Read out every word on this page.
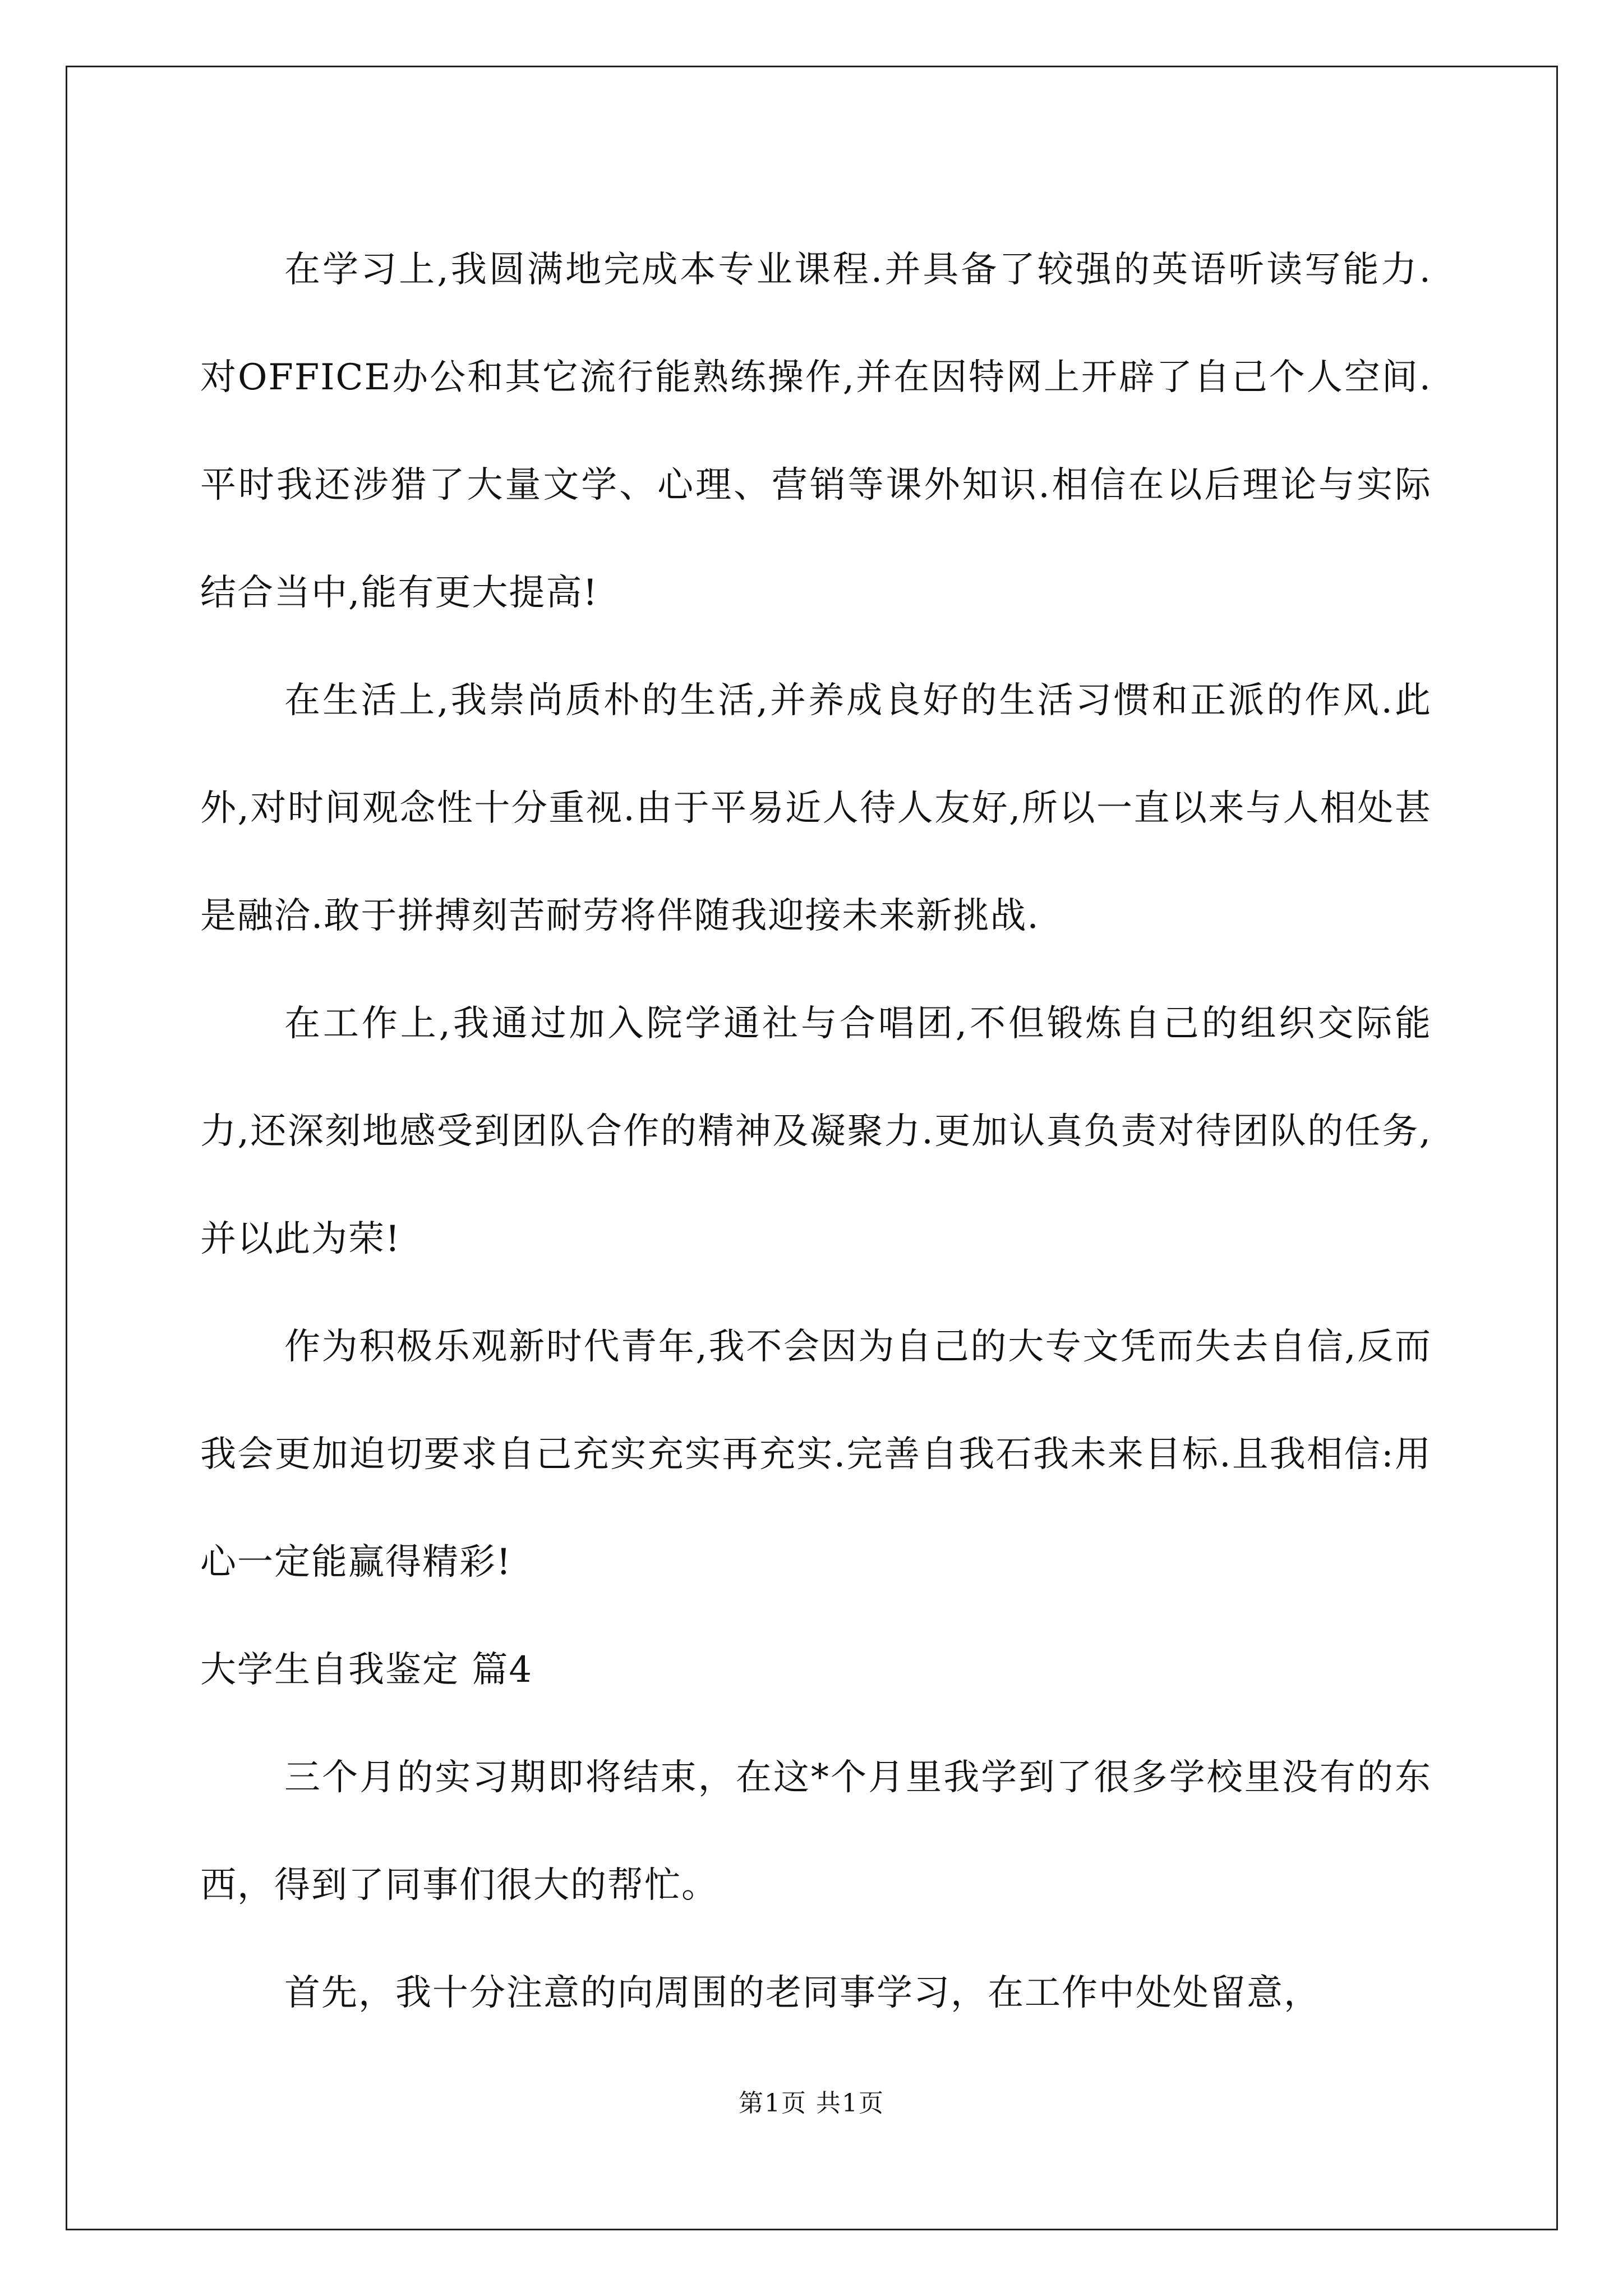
在学习上,我圆满地完成本专业课程.并具备了较强的英语听读写能力.对OFFICE办公和其它流行能熟练操作,并在因特网上开辟了自己个人空间.平时我还涉猎了大量文学、心理、营销等课外知识.相信在以后理论与实际结合当中,能有更大提高!

在生活上,我崇尚质朴的生活,并养成良好的生活习惯和正派的作风.此外,对时间观念性十分重视.由于平易近人待人友好,所以一直以来与人相处甚是融洽.敢于拼搏刻苦耐劳将伴随我迎接未来新挑战.

在工作上,我通过加入院学通社与合唱团,不但锻炼自己的组织交际能力,还深刻地感受到团队合作的精神及凝聚力.更加认真负责对待团队的任务,并以此为荣!

作为积极乐观新时代青年,我不会因为自己的大专文凭而失去自信,反而我会更加迫切要求自己充实充实再充实.完善自我石我未来目标.且我相信:用心一定能赢得精彩!

大学生自我鉴定 篇4

三个月的实习期即将结束，在这*个月里我学到了很多学校里没有的东西，得到了同事们很大的帮忙。

首先，我十分注意的向周围的老同事学习，在工作中处处留意，

第1页 共1页
